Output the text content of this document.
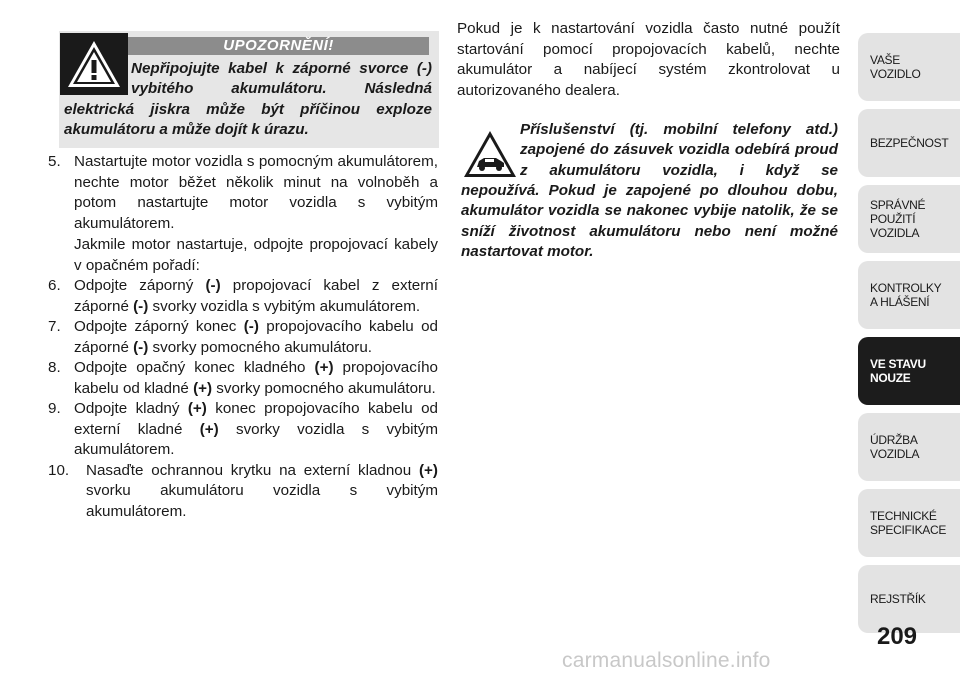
UPOZORNĚNÍ!

Nepřipojujte kabel k záporné svorce (-) vybitého akumulátoru. Následná

elektrická jiskra může být příčinou exploze akumulátoru a může dojít k úrazu.

5. Nastartujte motor vozidla s pomocným akumulátorem, nechte motor běžet několik minut na volnoběh a potom nastartujte motor vozidla s vybitým akumulátorem.
Jakmile motor nastartuje, odpojte propojovací kabely v opačném pořadí:
6. Odpojte záporný (-) propojovací kabel z externí záporné (-) svorky vozidla s vybitým akumulátorem.
7. Odpojte záporný konec (-) propojovacího kabelu od záporné (-) svorky pomocného akumulátoru.
8. Odpojte opačný konec kladného (+) propojovacího kabelu od kladné (+) svorky pomocného akumulátoru.
9. Odpojte kladný (+) konec propojovacího kabelu od externí kladné (+) svorky vozidla s vybitým akumulátorem.
10. Nasaďte ochrannou krytku na externí kladnou (+) svorku akumulátoru vozidla s vybitým akumulátorem.

Pokud je k nastartování vozidla často nutné použít startování pomocí propojovacích kabelů, nechte akumulátor a nabíjecí systém zkontrolovat u autorizovaného dealera.

Příslušenství (tj. mobilní telefony atd.) zapojené do zásuvek vozidla odebírá proud z akumulátoru vozidla, i když se

nepoužívá. Pokud je zapojené po dlouhou dobu, akumulátor vozidla se nakonec vybije natolik, že se sníží životnost akumulátoru nebo není možné nastartovat motor.

VAŠE
VOZIDLO
BEZPEČNOST
SPRÁVNÉ
POUŽITÍ
VOZIDLA
KONTROLKY
A HLÁŠENÍ
VE STAVU
NOUZE
ÚDRŽBA
VOZIDLA
TECHNICKÉ
SPECIFIKACE
REJSTŘÍK
209
carmanualsonline.info
